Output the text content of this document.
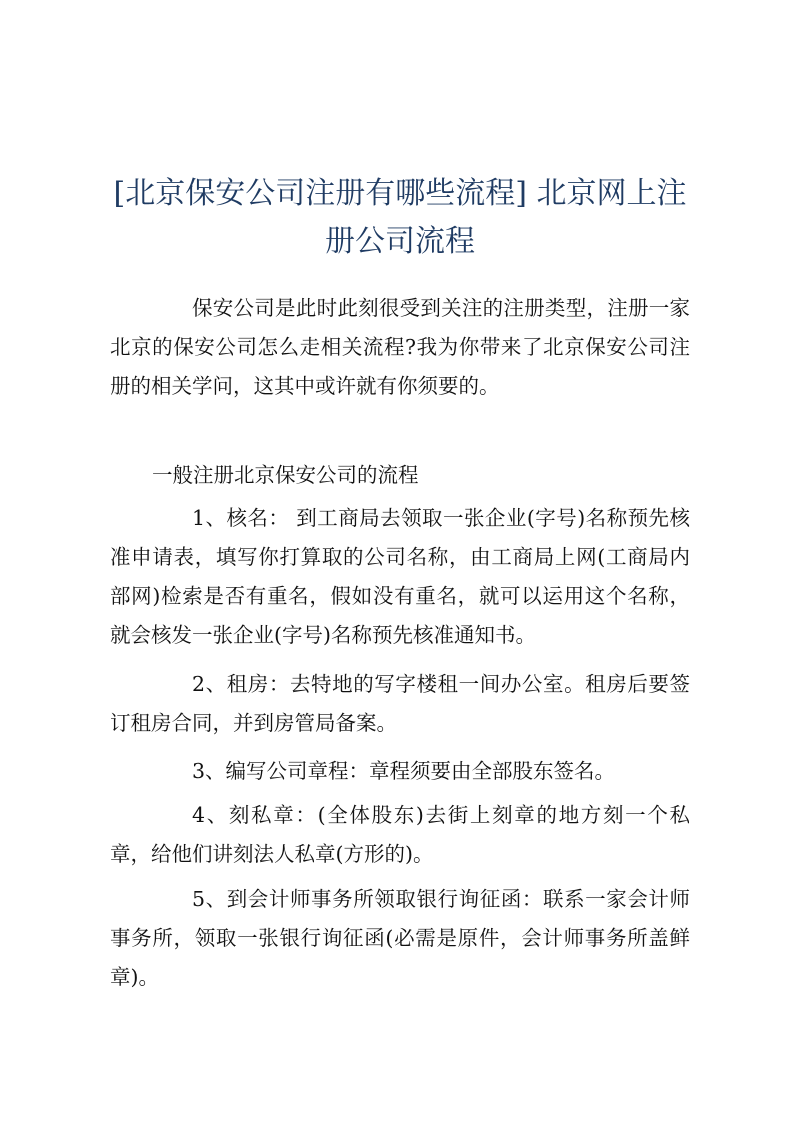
[北京保安公司注册有哪些流程] 北京网上注册公司流程

保安公司是此时此刻很受到关注的注册类型，注册一家北京的保安公司怎么走相关流程?我为你带来了北京保安公司注册的相关学问，这其中或许就有你须要的。

一般注册北京保安公司的流程

1、核名： 到工商局去领取一张企业(字号)名称预先核准申请表，填写你打算取的公司名称，由工商局上网(工商局内部网)检索是否有重名，假如没有重名，就可以运用这个名称，就会核发一张企业(字号)名称预先核准通知书。

2、租房：去特地的写字楼租一间办公室。租房后要签订租房合同，并到房管局备案。

3、编写公司章程：章程须要由全部股东签名。

4、刻私章：(全体股东)去街上刻章的地方刻一个私章，给他们讲刻法人私章(方形的)。

5、到会计师事务所领取银行询征函：联系一家会计师事务所，领取一张银行询征函(必需是原件，会计师事务所盖鲜章)。
